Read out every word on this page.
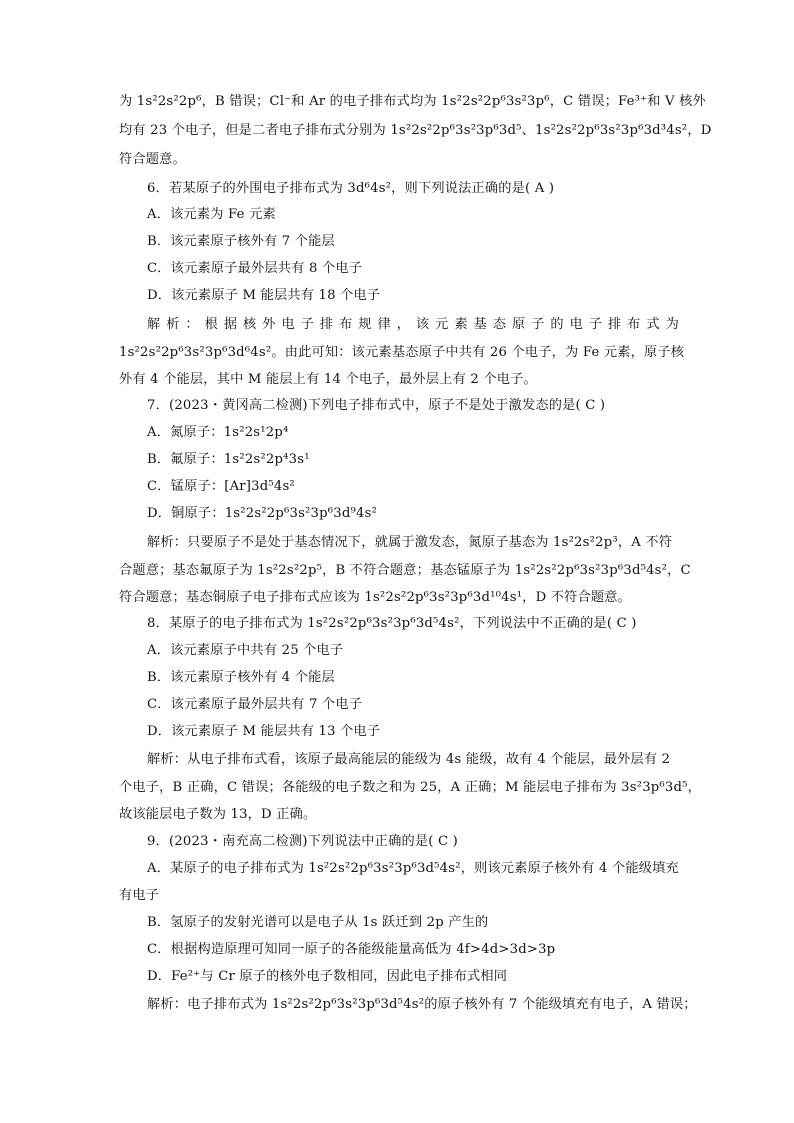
为 1s²2s²2p⁶，B 错误；Cl⁻和 Ar 的电子排布式均为 1s²2s²2p⁶3s²3p⁶，C 错误；Fe³⁺和 V 核外
均有 23 个电子，但是二者电子排布式分别为 1s²2s²2p⁶3s²3p⁶3d⁵、1s²2s²2p⁶3s²3p⁶3d³4s²，D
符合题意。
6．若某原子的外围电子排布式为 3d⁶4s²，则下列说法正确的是( A )
A．该元素为 Fe 元素
B．该元素原子核外有 7 个能层
C．该元素原子最外层共有 8 个电子
D．该元素原子 M 能层共有 18 个电子
解析：根据核外电子排布规律，该元素基态原子的电子排布式为
1s²2s²2p⁶3s²3p⁶3d⁶4s²。由此可知：该元素基态原子中共有 26 个电子，为 Fe 元素，原子核
外有 4 个能层，其中 M 能层上有 14 个电子，最外层上有 2 个电子。
7．(2023・黄冈高二检测)下列电子排布式中，原子不是处于激发态的是( C )
A．氮原子：1s²2s¹2p⁴
B．氟原子：1s²2s²2p⁴3s¹
C．锰原子：[Ar]3d⁵4s²
D．铜原子：1s²2s²2p⁶3s²3p⁶3d⁹4s²
解析：只要原子不是处于基态情况下，就属于激发态，氮原子基态为 1s²2s²2p³，A 不符
合题意；基态氟原子为 1s²2s²2p⁵，B 不符合题意；基态锰原子为 1s²2s²2p⁶3s²3p⁶3d⁵4s²，C
符合题意；基态铜原子电子排布式应该为 1s²2s²2p⁶3s²3p⁶3d¹⁰4s¹，D 不符合题意。
8．某原子的电子排布式为 1s²2s²2p⁶3s²3p⁶3d⁵4s²，下列说法中不正确的是( C )
A．该元素原子中共有 25 个电子
B．该元素原子核外有 4 个能层
C．该元素原子最外层共有 7 个电子
D．该元素原子 M 能层共有 13 个电子
解析：从电子排布式看，该原子最高能层的能级为 4s 能级，故有 4 个能层，最外层有 2
个电子，B 正确，C 错误；各能级的电子数之和为 25，A 正确；M 能层电子排布为 3s²3p⁶3d⁵，
故该能层电子数为 13，D 正确。
9．(2023・南充高二检测)下列说法中正确的是( C )
A．某原子的电子排布式为 1s²2s²2p⁶3s²3p⁶3d⁵4s²，则该元素原子核外有 4 个能级填充
有电子
B．氢原子的发射光谱可以是电子从 1s 跃迁到 2p 产生的
C．根据构造原理可知同一原子的各能级能量高低为 4f>4d>3d>3p
D．Fe²⁺与 Cr 原子的核外电子数相同，因此电子排布式相同
解析：电子排布式为 1s²2s²2p⁶3s²3p⁶3d⁵4s²的原子核外有 7 个能级填充有电子，A 错误；
